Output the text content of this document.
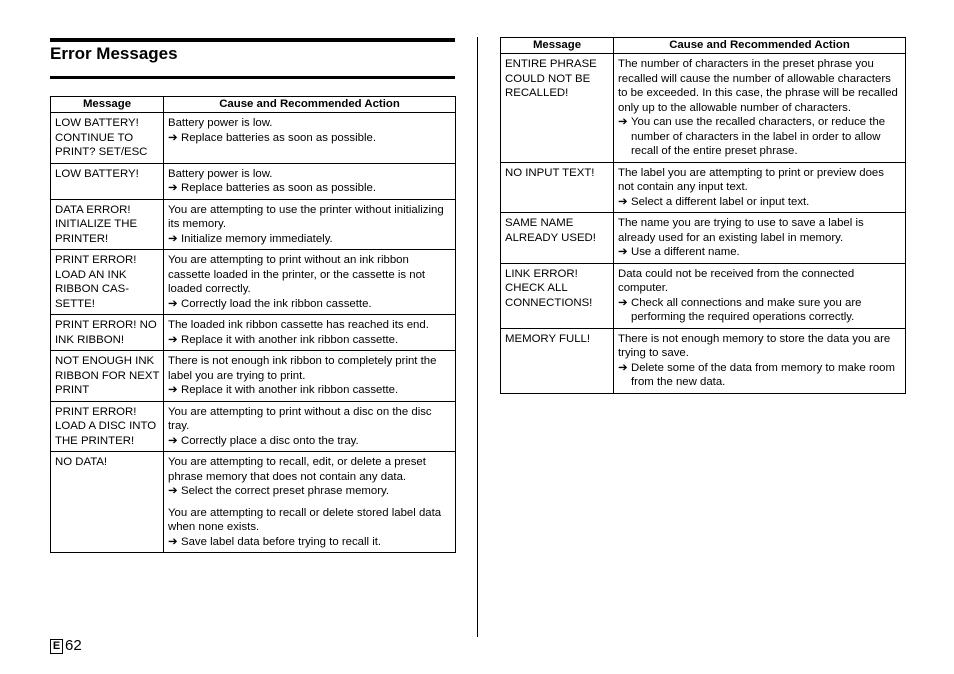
Error Messages
Message	Cause and Recommended Action
LOW BATTERY! CONTINUE TO PRINT? SET/ESC	Battery power is low.
➔ Replace batteries as soon as possible.

LOW BATTERY!	Battery power is low.
➔ Replace batteries as soon as possible.

DATA ERROR! INITIALIZE THE PRINTER!	You are attempting to use the printer without initializing its memory.
➔ Initialize memory immediately.

PRINT ERROR! LOAD AN INK RIBBON CAS-SETTE!	You are attempting to print without an ink ribbon cassette loaded in the printer, or the cassette is not loaded correctly.
➔ Correctly load the ink ribbon cassette.

PRINT ERROR! NO INK RIBBON!	The loaded ink ribbon cassette has reached its end.
➔ Replace it with another ink ribbon cassette.

NOT ENOUGH INK RIBBON FOR NEXT PRINT	There is not enough ink ribbon to completely print the label you are trying to print.
➔ Replace it with another ink ribbon cassette.

PRINT ERROR! LOAD A DISC INTO THE PRINTER!	You are attempting to print without a disc on the disc tray.
➔ Correctly place a disc onto the tray.

NO DATA!	You are attempting to recall, edit, or delete a preset phrase memory that does not contain any data.
➔ Select the correct preset phrase memory.
You are attempting to recall or delete stored label data when none exists.
➔ Save label data before trying to recall it.
Message	Cause and Recommended Action
ENTIRE PHRASE COULD NOT BE RECALLED!	The number of characters in the preset phrase you recalled will cause the number of allowable characters to be exceeded. In this case, the phrase will be recalled only up to the allowable number of characters.
➔ You can use the recalled characters, or reduce the number of characters in the label in order to allow recall of the entire preset phrase.

NO INPUT TEXT!	The label you are attempting to print or preview does not contain any input text.
➔ Select a different label or input text.

SAME NAME ALREADY USED!	The name you are trying to use to save a label is already used for an existing label in memory.
➔ Use a different name.

LINK ERROR! CHECK ALL CONNECTIONS!	Data could not be received from the connected computer.
➔ Check all connections and make sure you are performing the required operations correctly.

MEMORY FULL!	There is not enough memory to store the data you are trying to save.
➔ Delete some of the data from memory to make room from the new data.
E 62
